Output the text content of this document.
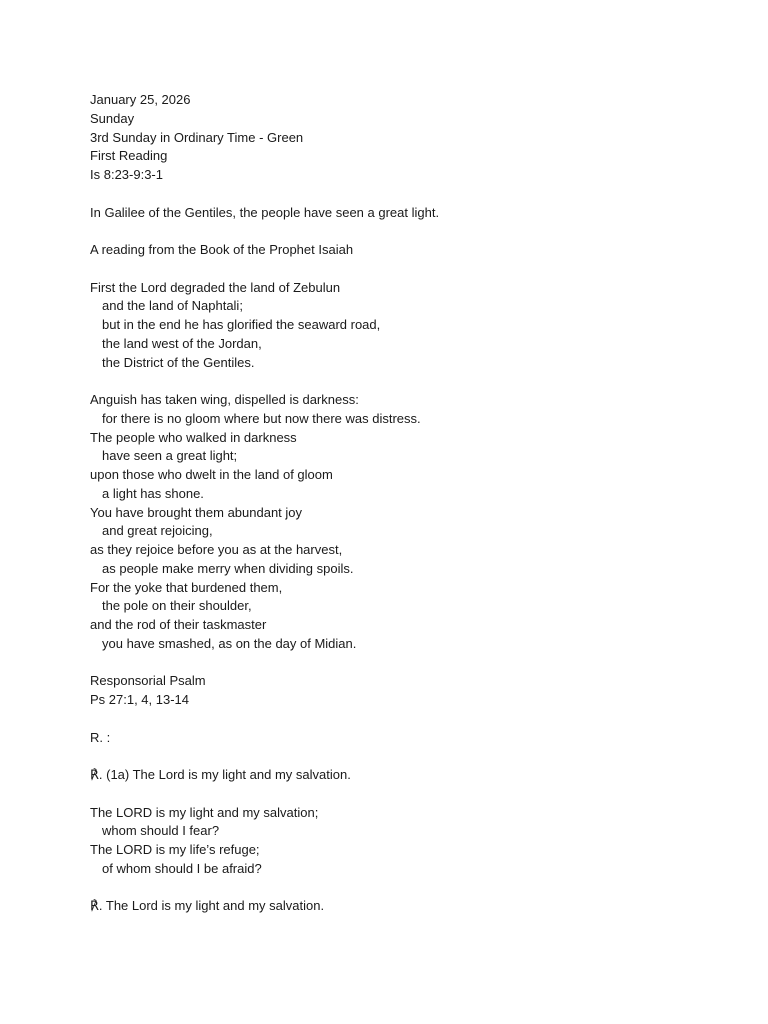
January 25, 2026
Sunday
3rd Sunday in Ordinary Time - Green
First Reading
Is 8:23-9:3-1
In Galilee of the Gentiles, the people have seen a great light.
A reading from the Book of the Prophet Isaiah
First the Lord degraded the land of Zebulun
and the land of Naphtali;
but in the end he has glorified the seaward road,
the land west of the Jordan,
the District of the Gentiles.
Anguish has taken wing, dispelled is darkness:
for there is no gloom where but now there was distress.
The people who walked in darkness
have seen a great light;
upon those who dwelt in the land of gloom
a light has shone.
You have brought them abundant joy
and great rejoicing,
as they rejoice before you as at the harvest,
as people make merry when dividing spoils.
For the yoke that burdened them,
the pole on their shoulder,
and the rod of their taskmaster
you have smashed, as on the day of Midian.
Responsorial Psalm
Ps 27:1, 4, 13-14
R. :
℟. (1a) The Lord is my light and my salvation.
The LORD is my light and my salvation;
whom should I fear?
The LORD is my life’s refuge;
of whom should I be afraid?
℟. The Lord is my light and my salvation.
